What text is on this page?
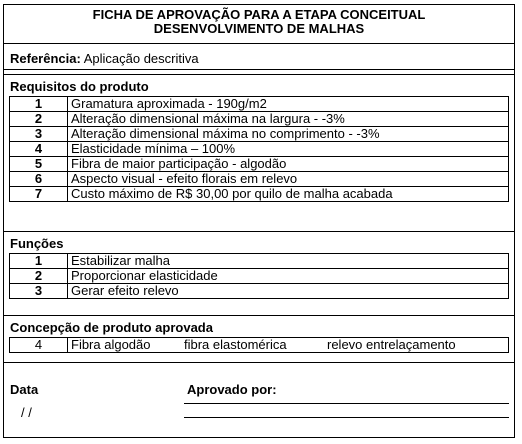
FICHA DE APROVAÇÃO PARA A ETAPA CONCEITUAL
DESENVOLVIMENTO DE MALHAS
Referência: Aplicação descritiva
Requisitos do produto
1	Gramatura aproximada - 190g/m2
2	Alteração dimensional máxima na largura - -3%
3	Alteração dimensional máxima no comprimento - -3%
4	Elasticidade mínima – 100%
5	Fibra de maior participação - algodão
6	Aspecto visual - efeito florais em relevo
7	Custo máximo de R$ 30,00 por quilo de malha acabada
Funções
1	Estabilizar malha
2	Proporcionar elasticidade
3	Gerar efeito relevo
Concepção de produto aprovada
4	Fibra algodão	fibra elastomérica	relevo entrelaçamento
Data
/ /
Aprovado por:
